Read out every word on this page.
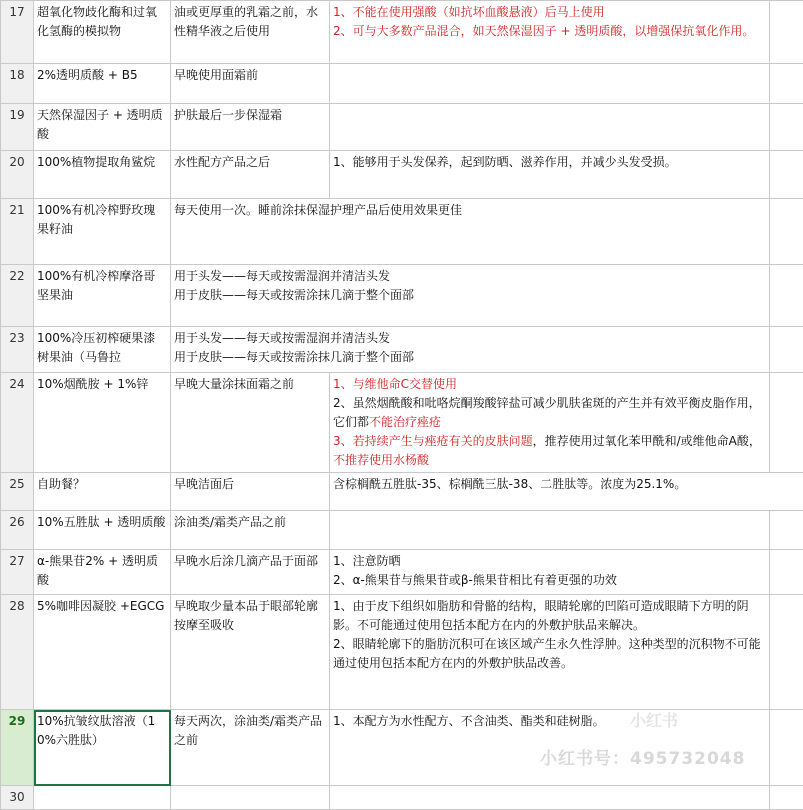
17	超氧化物歧化酶和过氧化氢酶的模拟物	油或更厚重的乳霜之前，水性精华液之后使用	1、不能在使用强酸（如抗坏血酸悬液）后马上使用
2、可与大多数产品混合，如天然保湿因子 + 透明质酸，以增强保抗氧化作用。	

18	2%透明质酸 + B5	早晚使用面霜前		
19	天然保湿因子 + 透明质酸	护肤最后一步保湿霜		
20	100%植物提取角鲨烷	水性配方产品之后	1、能够用于头发保养，起到防晒、滋养作用，并减少头发受损。	

21	100%有机冷榨野玫瑰果籽油	每天使用一次。睡前涂抹保湿护理产品后使用效果更佳		
22	100%有机冷榨摩洛哥坚果油	用于头发——每天或按需湿润并清洁头发
用于皮肤——每天或按需涂抹几滴于整个面部		
23	100%冷压初榨硬果漆树果油（马鲁拉	用于头发——每天或按需湿润并清洁头发
用于皮肤——每天或按需涂抹几滴于整个面部		
24	10%烟酰胺 + 1%锌	早晚大量涂抹面霜之前	1、与维他命C交替使用
2、虽然烟酰酸和吡咯烷酮羧酸锌盐可减少肌肤雀斑的产生并有效平衡皮脂作用，它们都不能治疗痤疮
3、若持续产生与痤疮有关的皮肤问题，推荐使用过氧化苯甲酰和/或维他命A酸，不推荐使用水杨酸	

25	自助餐？	早晚洁面后	含棕榈酰五胜肽-35、棕榈酰三肽-38、二胜肽等。浓度为25.1%。	

26	10%五胜肽 + 透明质酸	涂油类/霜类产品之前		
27	α-熊果苷2% + 透明质酸	早晚水后涂几滴产品于面部	1、注意防晒
2、α-熊果苷与熊果苷或β-熊果苷相比有着更强的功效	

28	5%咖啡因凝胶 +EGCG	早晚取少量本品于眼部轮廓按摩至吸收	1、由于皮下组织如脂肪和骨骼的结构，眼睛轮廓的凹陷可造成眼睛下方明的阴影。不可能通过使用包括本配方在内的外敷护肤品来解决。
2、眼睛轮廓下的脂肪沉积可在该区域产生永久性浮肿。这种类型的沉积物不可能通过使用包括本配方在内的外敷护肤品改善。	

29	10%抗皱纹肽溶液（10%六胜肽）	每天两次，涂油类/霜类产品之前	1、本配方为水性配方、不含油类、酯类和硅树脂。	

30				
小红书
小红书号：495732048
